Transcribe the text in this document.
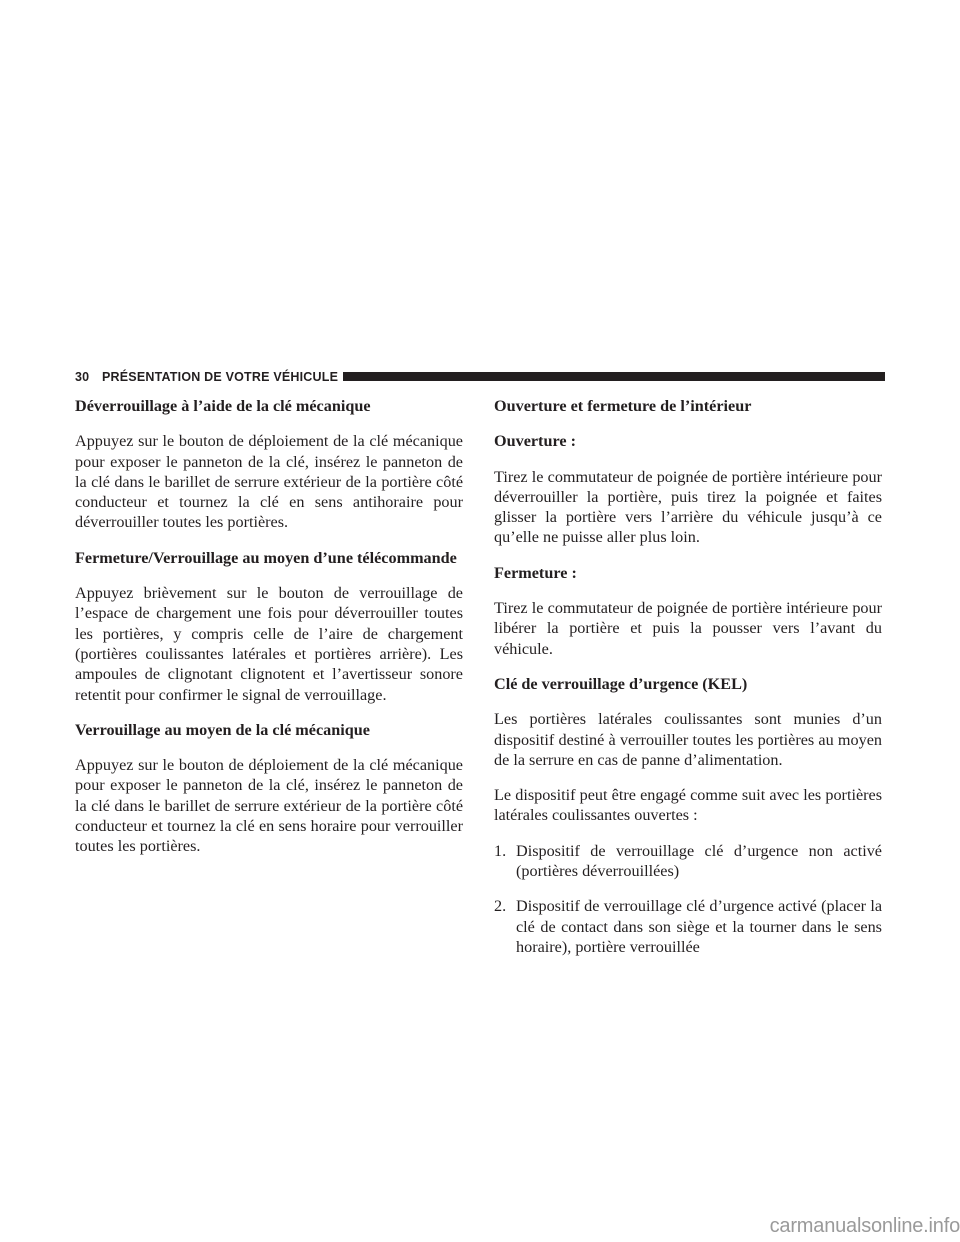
30 PRÉSENTATION DE VOTRE VÉHICULE
Déverrouillage à l’aide de la clé mécanique
Appuyez sur le bouton de déploiement de la clé mécanique pour exposer le panneton de la clé, insérez le panneton de la clé dans le barillet de serrure extérieur de la portière côté conducteur et tournez la clé en sens antihoraire pour déverrouiller toutes les portières.
Fermeture/Verrouillage au moyen d’une télécommande
Appuyez brièvement sur le bouton de verrouillage de l’espace de chargement une fois pour déverrouiller toutes les portières, y compris celle de l’aire de chargement (portières coulissantes latérales et portières arrière). Les ampoules de clignotant clignotent et l’avertisseur sonore retentit pour confirmer le signal de verrouillage.
Verrouillage au moyen de la clé mécanique
Appuyez sur le bouton de déploiement de la clé mécanique pour exposer le panneton de la clé, insérez le panneton de la clé dans le barillet de serrure extérieur de la portière côté conducteur et tournez la clé en sens horaire pour verrouiller toutes les portières.
Ouverture et fermeture de l’intérieur
Ouverture :
Tirez le commutateur de poignée de portière intérieure pour déverrouiller la portière, puis tirez la poignée et faites glisser la portière vers l’arrière du véhicule jusqu’à ce qu’elle ne puisse aller plus loin.
Fermeture :
Tirez le commutateur de poignée de portière intérieure pour libérer la portière et puis la pousser vers l’avant du véhicule.
Clé de verrouillage d’urgence (KEL)
Les portières latérales coulissantes sont munies d’un dispositif destiné à verrouiller toutes les portières au moyen de la serrure en cas de panne d’alimentation.
Le dispositif peut être engagé comme suit avec les portières latérales coulissantes ouvertes :
1. Dispositif de verrouillage clé d’urgence non activé (portières déverrouillées)
2. Dispositif de verrouillage clé d’urgence activé (placer la clé de contact dans son siège et la tourner dans le sens horaire), portière verrouillée
carmanualsonline.info
